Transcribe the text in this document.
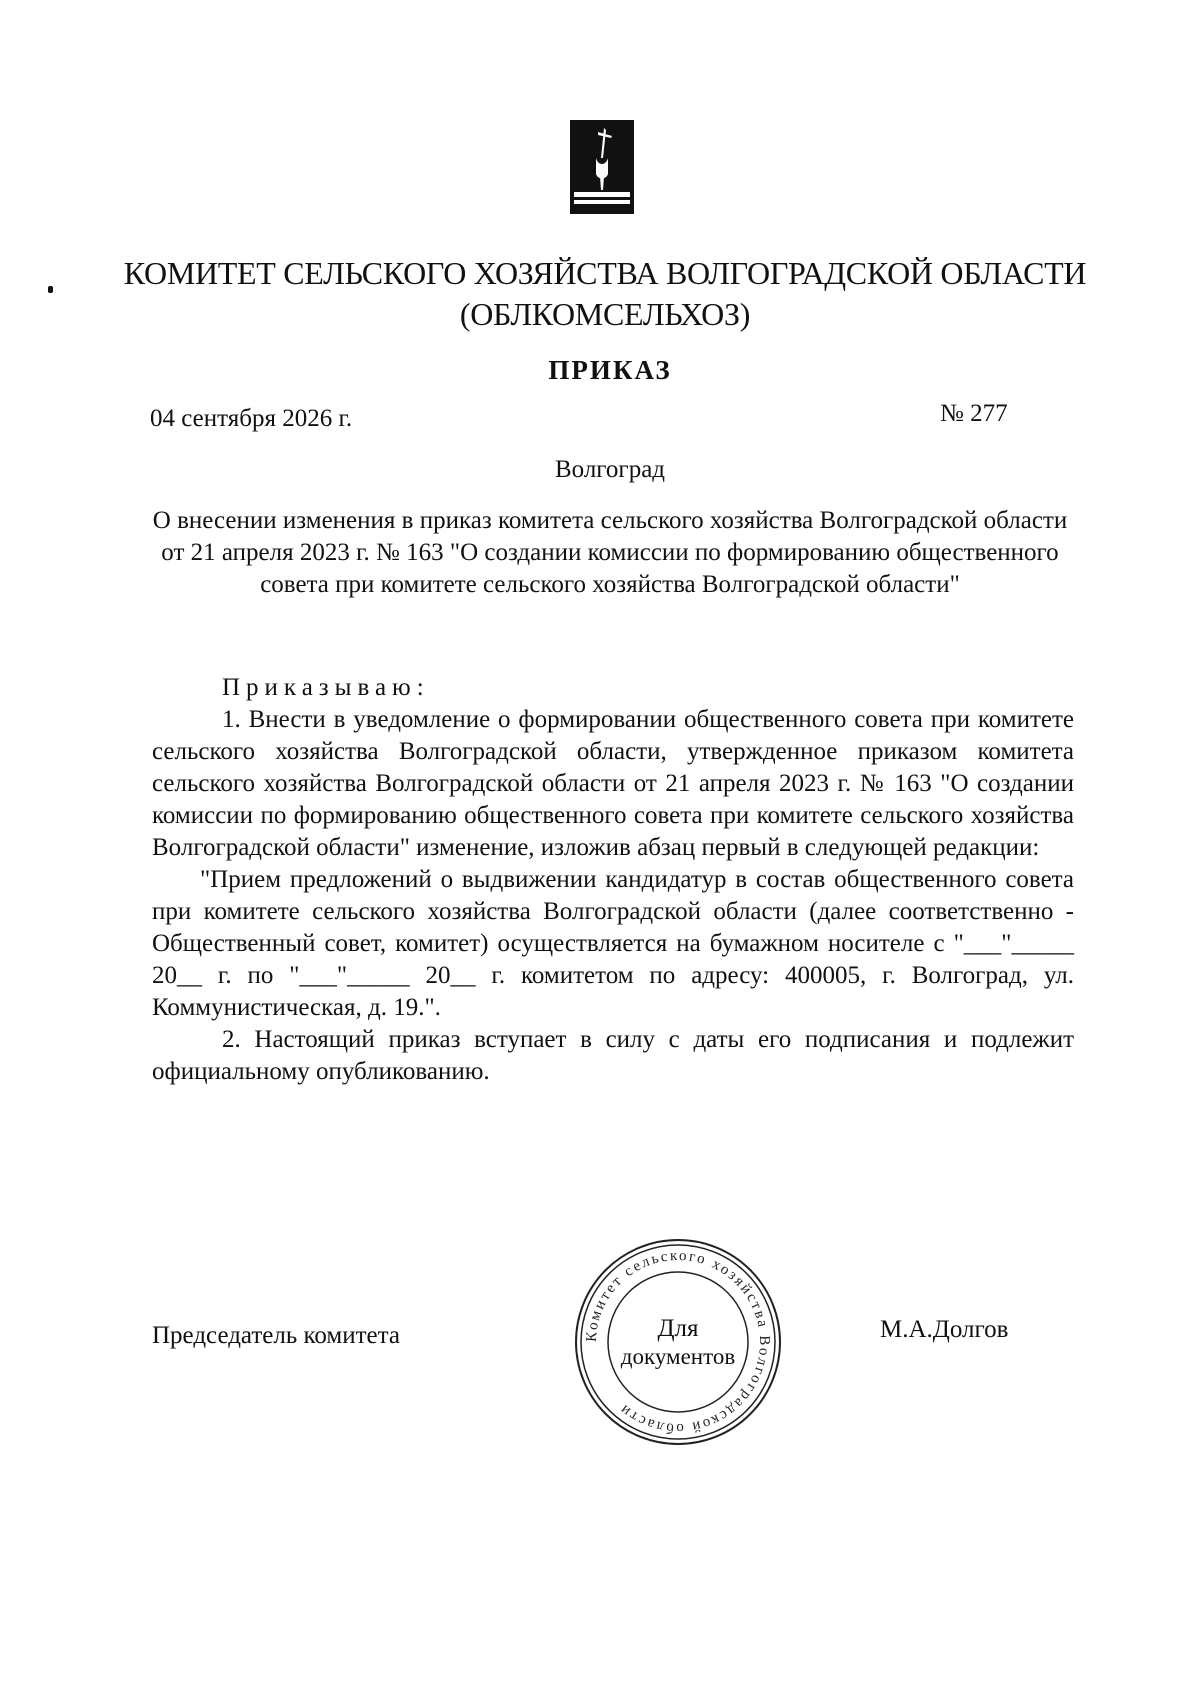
КОМИТЕТ СЕЛЬСКОГО ХОЗЯЙСТВА ВОЛГОГРАДСКОЙ ОБЛАСТИ
(ОБЛКОМСЕЛЬХОЗ)
ПРИКАЗ
04 сентября 2026 г.	№ 277
Волгоград
О внесении изменения в приказ комитета сельского хозяйства Волгоградской области от 21 апреля 2023 г. № 163 "О создании комиссии по формированию общественного совета при комитете сельского хозяйства Волгоградской области"

Приказываю:

1. Внести в уведомление о формировании общественного совета при комитете сельского хозяйства Волгоградской области, утвержденное приказом комитета сельского хозяйства Волгоградской области от 21 апреля 2023 г. № 163 "О создании комиссии по формированию общественного совета при комитете сельского хозяйства Волгоградской области" изменение, изложив абзац первый в следующей редакции:

"Прием предложений о выдвижении кандидатур в состав общественного совета при комитете сельского хозяйства Волгоградской области (далее соответственно - Общественный совет, комитет) осуществляется на бумажном носителе с "___"_____ 20__ г. по "___"_____ 20__ г. комитетом по адресу: 400005, г. Волгоград, ул. Коммунистическая, д. 19.".

2. Настоящий приказ вступает в силу с даты его подписания и подлежит официальному опубликованию.

Председатель комитета	М.А.Долгов
Комитет сельского хозяйства Волгоградской области
Для
документов
